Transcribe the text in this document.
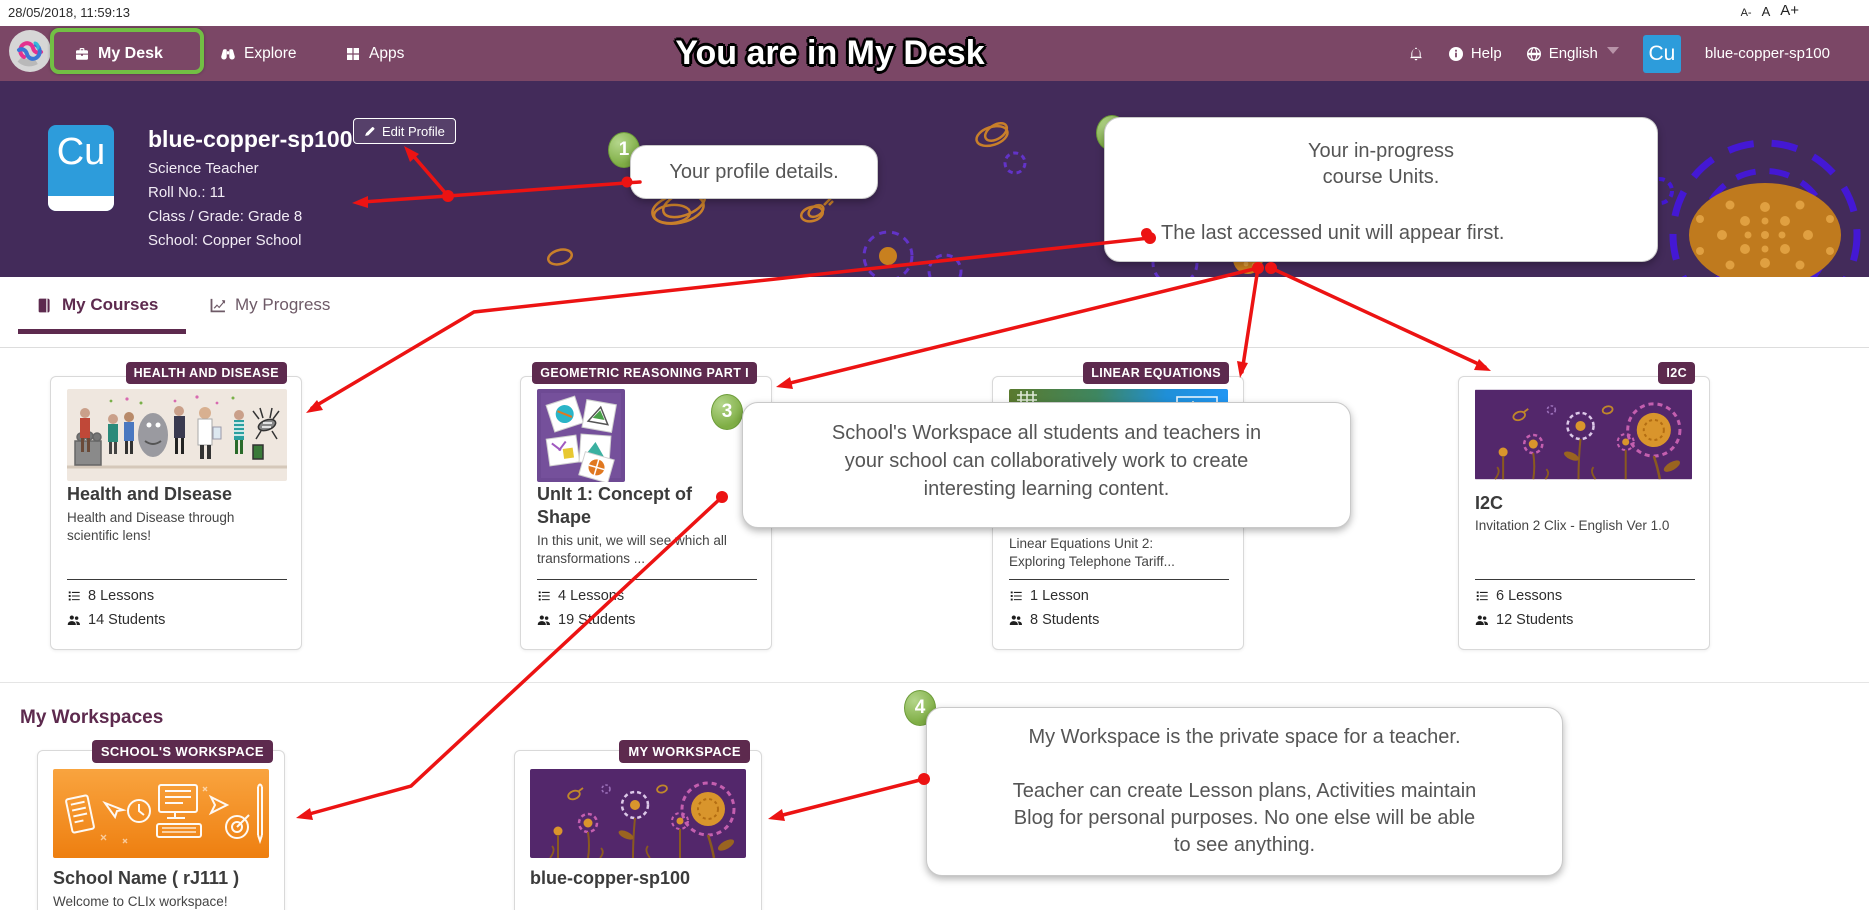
28/05/2018, 11:59:13	A- A A+
My Desk	Explore	Apps	You are in My Desk	Help	English Cu	blue-copper-sp100
Cu	blue-copper-sp100 Edit Profile
Science Teacher
Roll No.: 11
Class / Grade: Grade 8
School: Copper School
My Courses	My Progress
HEALTH AND DISEASE
Health and DIsease
Health and Disease through scientific lens!
8 Lessons
14 Students
GEOMETRIC REASONING PART I
UnIt 1: Concept of Shape
In this unit, we will see which all transformations ...
4 Lessons
19 Students
LINEAR EQUATIONS
Linear Equations Unit 2: Exploring Telephone Tariff...
1 Lesson
8 Students
I2C
I2C
Invitation 2 Clix - English Ver 1.0
6 Lessons
12 Students
My Workspaces
SCHOOL'S WORKSPACE
School Name ( rJ111 )
Welcome to CLIx workspace!
MY WORKSPACE
blue-copper-sp100
1
3
4
Your profile details.
Your in-progress
course Units.
The last accessed unit will appear first.
School's Workspace all students and teachers in
your school can collaboratively work to create
interesting learning content.
My Workspace is the private space for a teacher.
Teacher can create Lesson plans, Activities maintain
Blog for personal purposes. No one else will be able
to see anything.
